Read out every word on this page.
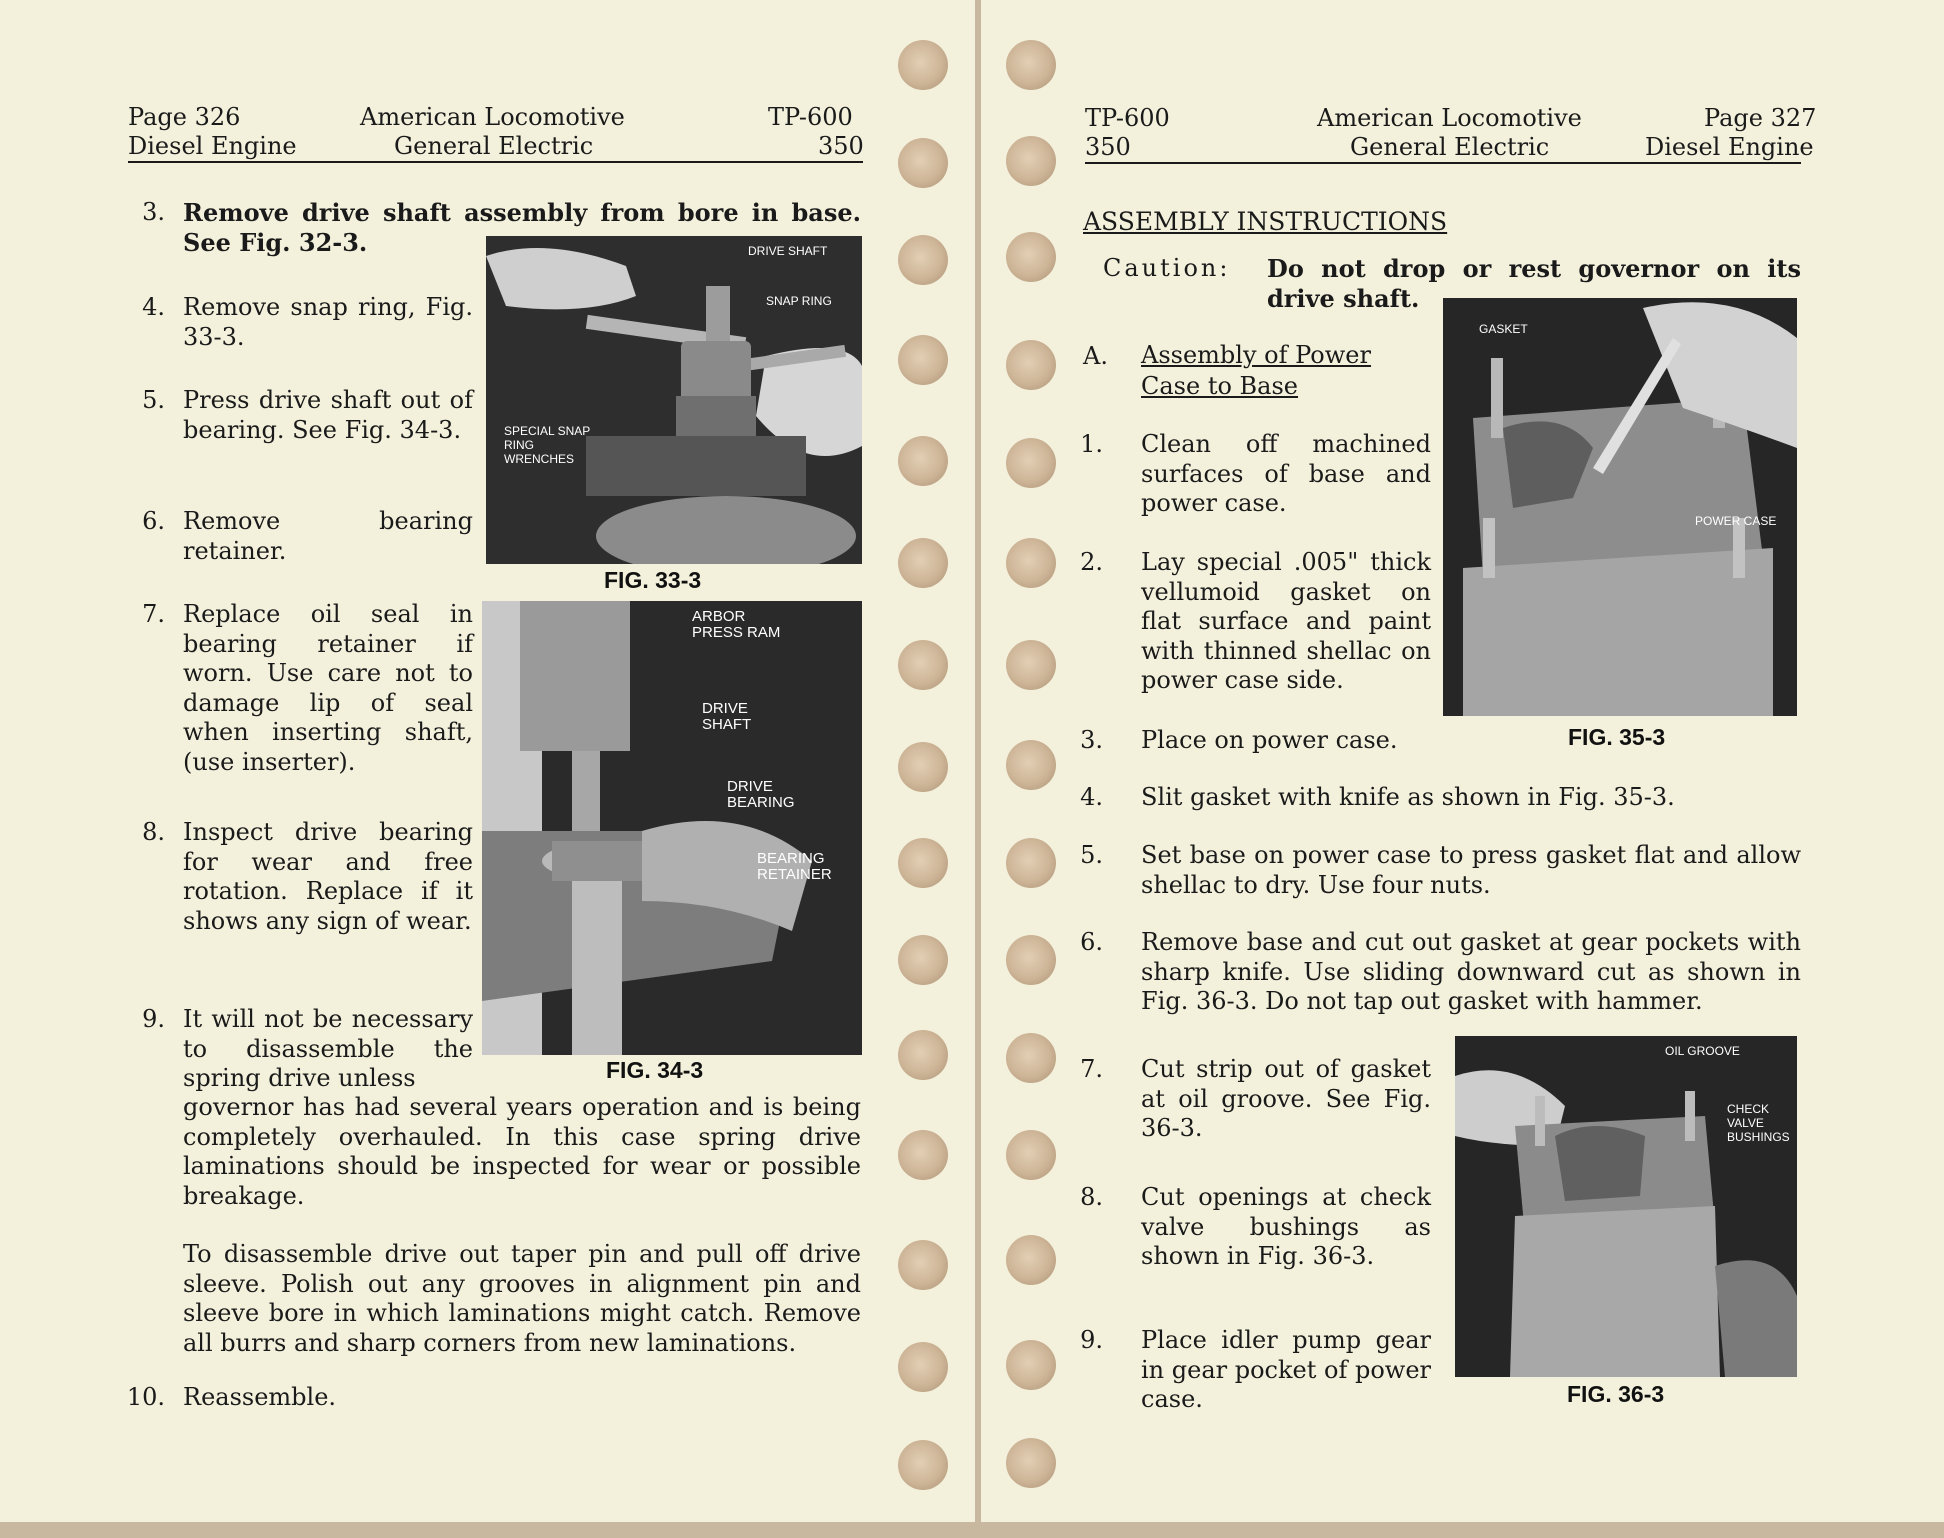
Page 326	American Locomotive	TP-600
Diesel Engine	General Electric	350
3. Remove drive shaft assembly from bore in base. See Fig. 32-3.
4. Remove snap ring, Fig. 33-3.
5. Press drive shaft out of bearing. See Fig. 34-3.
6. Remove bearing retainer.
7. Replace oil seal in bearing retainer if worn. Use care not to damage lip of seal when inserting shaft, (use inserter).
8. Inspect drive bearing for wear and free rotation. Replace if it shows any sign of wear.
9. It will not be necessary to disassemble the spring drive unless
governor has had several years operation and is being completely overhauled. In this case spring drive laminations should be inspected for wear or possible breakage.
To disassemble drive out taper pin and pull off drive sleeve. Polish out any grooves in alignment pin and sleeve bore in which laminations might catch. Remove all burrs and sharp corners from new laminations.
10. Reassemble.
DRIVE SHAFT
SNAP RING
SPECIAL SNAP RING WRENCHES
FIG. 33-3
ARBOR PRESS RAM
DRIVE SHAFT
DRIVE BEARING
BEARING RETAINER
FIG. 34-3
TP-600	American Locomotive	Page 327
350	General Electric	Diesel Engine
ASSEMBLY INSTRUCTIONS
Caution: Do not drop or rest governor on its drive shaft.
A. Assembly of Power Case to Base
1. Clean off machined surfaces of base and power case.
2. Lay special .005" thick vellumoid gasket on flat surface and paint with thinned shellac on power case side.
3. Place on power case.
4. Slit gasket with knife as shown in Fig. 35-3.
5. Set base on power case to press gasket flat and allow shellac to dry. Use four nuts.
6. Remove base and cut out gasket at gear pockets with sharp knife. Use sliding downward cut as shown in Fig. 36-3. Do not tap out gasket with hammer.
7. Cut strip out of gasket at oil groove. See Fig. 36-3.
8. Cut openings at check valve bushings as shown in Fig. 36-3.
9. Place idler pump gear in gear pocket of power case.
GASKET
POWER CASE
FIG. 35-3
OIL GROOVE
CHECK VALVE BUSHINGS
FIG. 36-3
